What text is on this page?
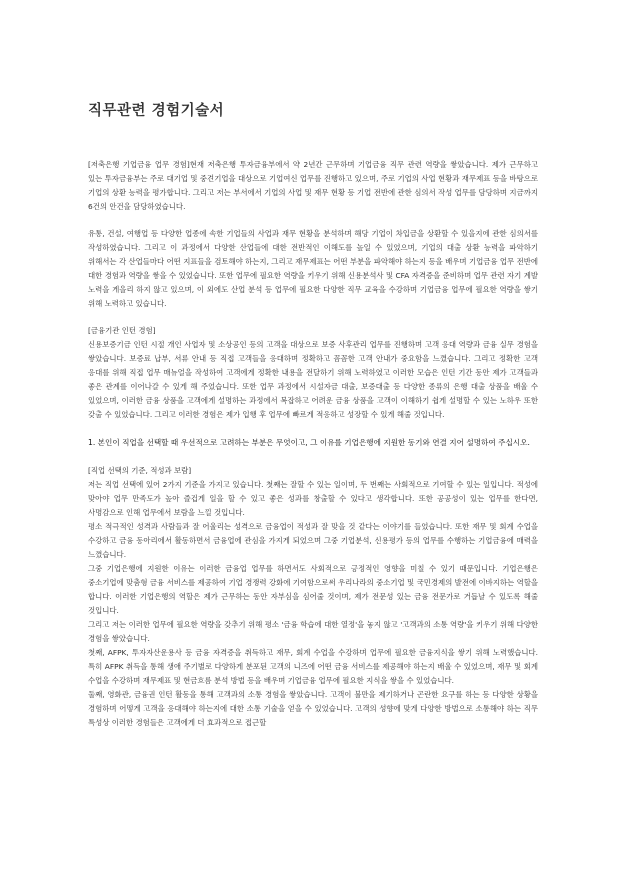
직무관련 경험기술서

[저축은행 기업금융 업무 경험]현재 저축은행 투자금융부에서 약 2년간 근무하며 기업금융 직무 관련 역량을 쌓았습니다. 제가 근무하고 있는 투자금융부는 주로 대기업 및 중견기업을 대상으로 기업여신 업무를 진행하고 있으며, 주로 기업의 사업 현황과 재무제표 등을 바탕으로 기업의 상환 능력을 평가합니다. 그리고 저는 부서에서 기업의 사업 및 재무 현황 등 기업 전반에 관한 심의서 작성 업무를 담당하며 지금까지 6건의 안건을 담당하였습니다.

유통, 건설, 여행업 등 다양한 업종에 속한 기업들의 사업과 재무 현황을 분석하며 해당 기업이 차입금을 상환할 수 있을지에 관한 심의서를 작성하였습니다. 그리고 이 과정에서 다양한 산업들에 대한 전반적인 이해도를 높일 수 있었으며, 기업의 대출 상환 능력을 파악하기 위해서는 각 산업들마다 어떤 지표들을 검토해야 하는지, 그리고 재무제표는 어떤 부분을 파악해야 하는지 등을 배우며 기업금융 업무 전반에 대한 경험과 역량을 쌓을 수 있었습니다. 또한 업무에 필요한 역량을 키우기 위해 신용분석사 및 CFA 자격증을 준비하며 업무 관련 자기 계발 노력을 게을리 하지 않고 있으며, 이 외에도 산업 분석 등 업무에 필요한 다양한 직무 교육을 수강하며 기업금융 업무에 필요한 역량을 쌓기 위해 노력하고 있습니다.

[금융기관 인턴 경험]
신용보증기금 인턴 시절 개인 사업자 및 소상공인 등의 고객을 대상으로 보증 사후관리 업무를 진행하며 고객 응대 역량과 금융 실무 경험을 쌓았습니다. 보증료 납부, 서류 안내 등 직접 고객들을 응대하며 정확하고 꼼꼼한 고객 안내가 중요함을 느꼈습니다. 그리고 정확한 고객 응대를 위해 직접 업무 매뉴얼을 작성하여 고객에게 정확한 내용을 전달하기 위해 노력하였고 이러한 모습은 인턴 기간 동안 제가 고객들과 좋은 관계를 이어나갈 수 있게 해 주었습니다. 또한 업무 과정에서 시설자금 대출, 보증대출 등 다양한 종류의 은행 대출 상품을 배울 수 있었으며, 이러한 금융 상품을 고객에게 설명하는 과정에서 복잡하고 어려운 금융 상품을 고객이 이해하기 쉽게 설명할 수 있는 노하우 또한 갖출 수 있었습니다. 그리고 이러한 경험은 제가 입행 후 업무에 빠르게 적응하고 성장할 수 있게 해줄 것입니다.

1. 본인이 직업을 선택할 때 우선적으로 고려하는 부분은 무엇이고, 그 이유를 기업은행에 지원한 동기와 연결 지어 설명하여 주십시오.

[직업 선택의 기준, 적성과 보람]
저는 직업 선택에 있어 2가지 기준을 가지고 있습니다. 첫째는 잘할 수 있는 일이며, 두 번째는 사회적으로 기여할 수 있는 일입니다. 적성에 맞아야 업무 만족도가 높아 즐겁게 일을 할 수 있고 좋은 성과를 창출할 수 있다고 생각합니다. 또한 공공성이 있는 업무를 한다면, 사명감으로 인해 업무에서 보람을 느낄 것입니다.
평소 적극적인 성격과 사람들과 잘 어울리는 성격으로 금융업이 적성과 잘 맞을 것 같다는 이야기를 들었습니다. 또한 재무 및 회계 수업을 수강하고 금융 동아리에서 활동하면서 금융업에 관심을 가지게 되었으며 그중 기업분석, 신용평가 등의 업무를 수행하는 기업금융에 매력을 느꼈습니다.
그중 기업은행에 지원한 이유는 이러한 금융업 업무를 하면서도 사회적으로 긍정적인 영향을 미칠 수 있기 때문입니다. 기업은행은 중소기업에 맞춤형 금융 서비스를 제공하여 기업 경쟁력 강화에 기여함으로써 우리나라의 중소기업 및 국민경제의 발전에 이바지하는 역할을 합니다. 이러한 기업은행의 역할은 제가 근무하는 동안 자부심을 심어줄 것이며, 제가 전문성 있는 금융 전문가로 거듭날 수 있도록 해줄 것입니다.
그리고 저는 이러한 업무에 필요한 역량을 갖추기 위해 평소 '금융 학습에 대한 열정'을 놓지 않고 '고객과의 소통 역량'을 키우기 위해 다양한 경험을 쌓았습니다.
첫째, AFPK, 투자자산운용사 등 금융 자격증을 취득하고 재무, 회계 수업을 수강하며 업무에 필요한 금융지식을 쌓기 위해 노력했습니다. 특히 AFPK 취득을 통해 생애 주기별로 다양하게 분포된 고객의 니즈에 어떤 금융 서비스를 제공해야 하는지 배울 수 있었으며, 재무 및 회계 수업을 수강하며 재무제표 및 현금흐름 분석 방법 등을 배우며 기업금융 업무에 필요한 지식을 쌓을 수 있었습니다.
둘째, 영화관, 금융권 인턴 활동을 통해 고객과의 소통 경험을 쌓았습니다. 고객이 불만을 제기하거나 곤란한 요구를 하는 등 다양한 상황을 경험하며 어떻게 고객을 응대해야 하는지에 대한 소통 기술을 얻을 수 있었습니다. 고객의 성향에 맞게 다양한 방법으로 소통해야 하는 직무 특성상 이러한 경험들은 고객에게 더 효과적으로 접근할
